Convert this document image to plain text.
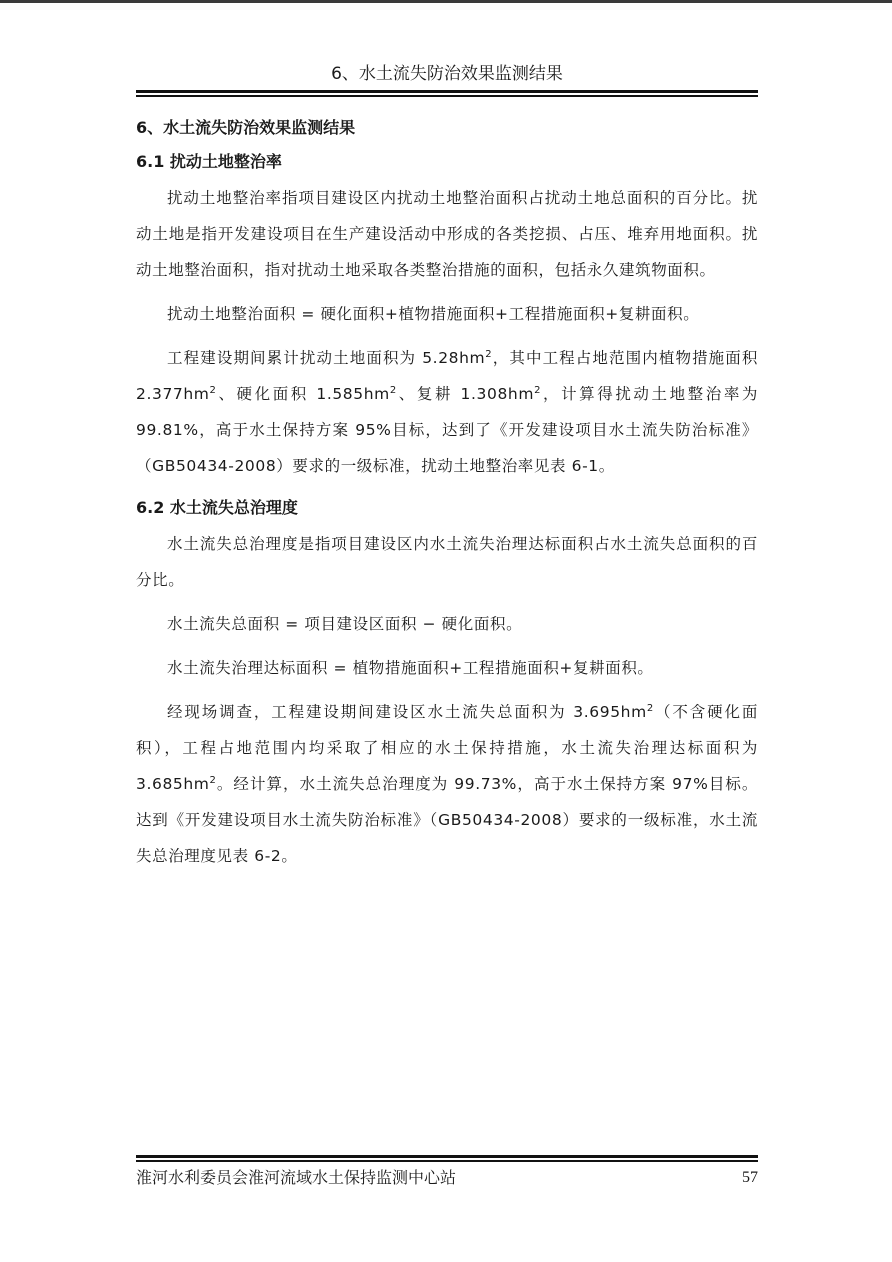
6、水土流失防治效果监测结果
6、水土流失防治效果监测结果
6.1 扰动土地整治率

扰动土地整治率指项目建设区内扰动土地整治面积占扰动土地总面积的百分比。扰动土地是指开发建设项目在生产建设活动中形成的各类挖损、占压、堆弃用地面积。扰动土地整治面积，指对扰动土地采取各类整治措施的面积，包括永久建筑物面积。

扰动土地整治面积 = 硬化面积+植物措施面积+工程措施面积+复耕面积。

工程建设期间累计扰动土地面积为 $5.28hm^2$，其中工程占地范围内植物措施面积 $2.377hm^2$、硬化面积 $1.585hm^2$、复耕 $1.308hm^2$，计算得扰动土地整治率为 99.81%，高于水土保持方案 95%目标，达到了《开发建设项目水土流失防治标准》（GB50434-2008）要求的一级标准，扰动土地整治率见表 6-1。

6.2 水土流失总治理度

水土流失总治理度是指项目建设区内水土流失治理达标面积占水土流失总面积的百分比。

水土流失总面积 = 项目建设区面积 − 硬化面积。

水土流失治理达标面积 = 植物措施面积+工程措施面积+复耕面积。

经现场调查，工程建设期间建设区水土流失总面积为 $3.695hm^2$（不含硬化面积），工程占地范围内均采取了相应的水土保持措施，水土流失治理达标面积为 $3.685hm^2$。经计算，水土流失总治理度为 99.73%，高于水土保持方案 97%目标。达到《开发建设项目水土流失防治标准》（GB50434-2008）要求的一级标准，水土流失总治理度见表 6-2。

淮河水利委员会淮河流域水土保持监测中心站	57
